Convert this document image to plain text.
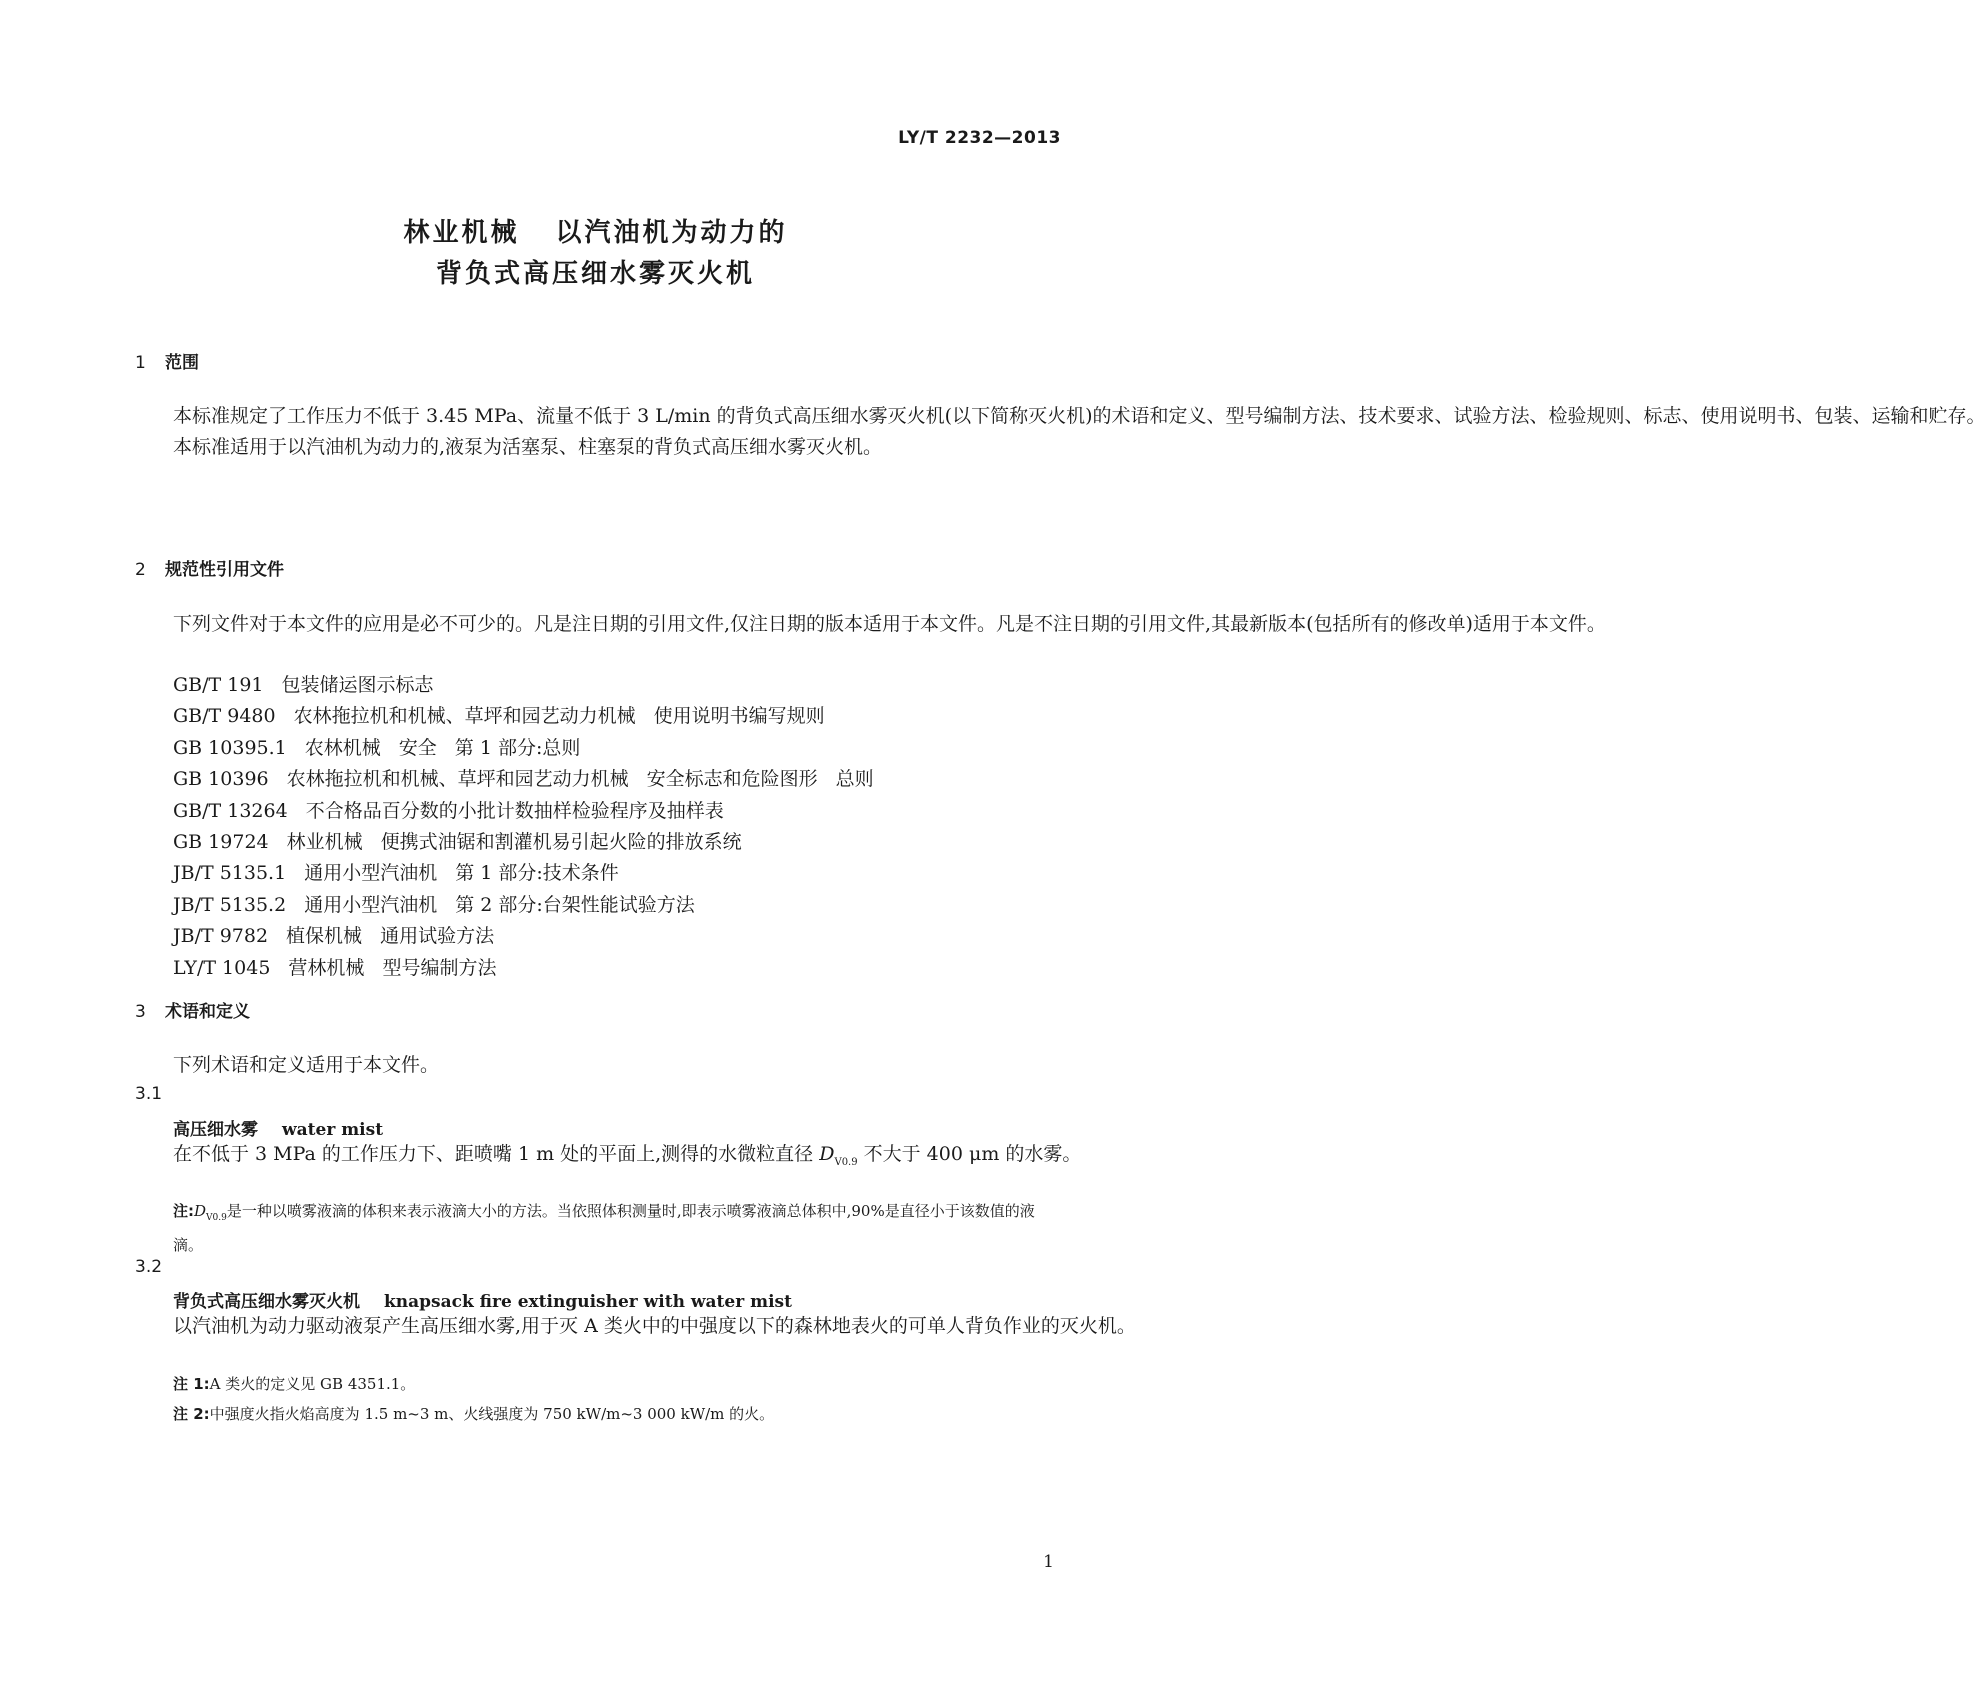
LY/T 2232—2013
林业机械 以汽油机为动力的
背负式高压细水雾灭火机
1 范围

本标准规定了工作压力不低于 3.45 MPa、流量不低于 3 L/min 的背负式高压细水雾灭火机(以下简称灭火机)的术语和定义、型号编制方法、技术要求、试验方法、检验规则、标志、使用说明书、包装、运输和贮存。

本标准适用于以汽油机为动力的,液泵为活塞泵、柱塞泵的背负式高压细水雾灭火机。

2 规范性引用文件

下列文件对于本文件的应用是必不可少的。凡是注日期的引用文件,仅注日期的版本适用于本文件。凡是不注日期的引用文件,其最新版本(包括所有的修改单)适用于本文件。

GB/T 191 包装储运图示标志
GB/T 9480 农林拖拉机和机械、草坪和园艺动力机械 使用说明书编写规则
GB 10395.1 农林机械 安全 第 1 部分:总则
GB 10396 农林拖拉机和机械、草坪和园艺动力机械 安全标志和危险图形 总则
GB/T 13264 不合格品百分数的小批计数抽样检验程序及抽样表
GB 19724 林业机械 便携式油锯和割灌机易引起火险的排放系统
JB/T 5135.1 通用小型汽油机 第 1 部分:技术条件
JB/T 5135.2 通用小型汽油机 第 2 部分:台架性能试验方法
JB/T 9782 植保机械 通用试验方法
LY/T 1045 营林机械 型号编制方法
3 术语和定义

下列术语和定义适用于本文件。

3.1
高压细水雾 water mist

在不低于 3 MPa 的工作压力下、距喷嘴 1 m 处的平面上,测得的水微粒直径 $D_{V0.9}$ 不大于 400 μm 的水雾。

注$:D_{V0.9}$是一种以喷雾液滴的体积来表示液滴大小的方法。当依照体积测量时,即表示喷雾液滴总体积中,90%是直径小于该数值的液滴。
3.2
背负式高压细水雾灭火机 knapsack fire extinguisher with water mist

以汽油机为动力驱动液泵产生高压细水雾,用于灭 A 类火中的中强度以下的森林地表火的可单人背负作业的灭火机。

注 1:A 类火的定义见 GB 4351.1。
注 2:中强度火指火焰高度为 1.5 m~3 m、火线强度为 750 kW/m~3 000 kW/m 的火。
1
